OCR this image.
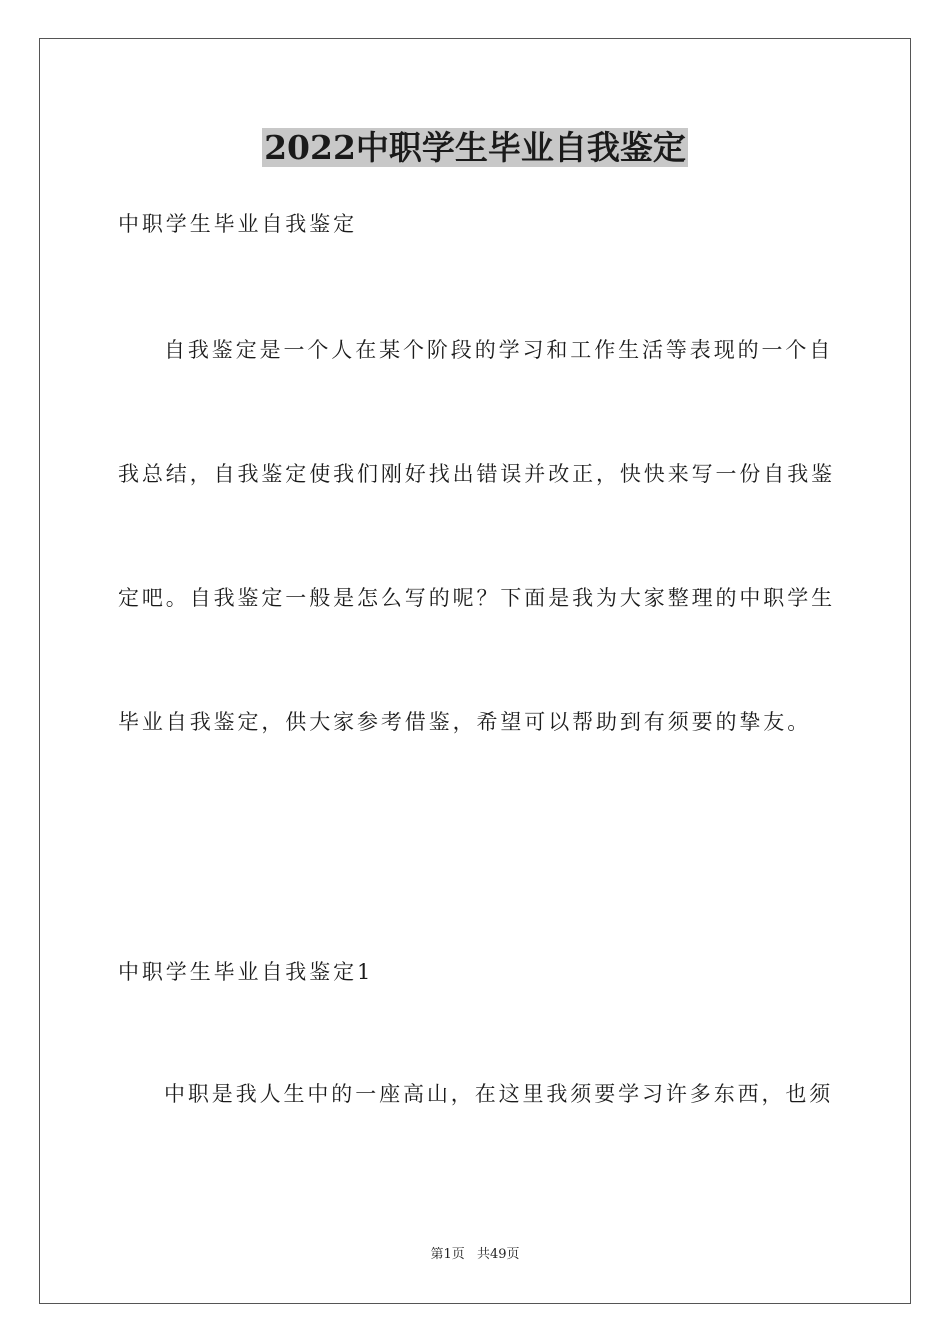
2022中职学生毕业自我鉴定

中职学生毕业自我鉴定

自我鉴定是一个人在某个阶段的学习和工作生活等表现的一个自

我总结，自我鉴定使我们刚好找出错误并改正，快快来写一份自我鉴

定吧。自我鉴定一般是怎么写的呢？下面是我为大家整理的中职学生

毕业自我鉴定，供大家参考借鉴，希望可以帮助到有须要的挚友。

中职学生毕业自我鉴定1

中职是我人生中的一座高山，在这里我须要学习许多东西，也须

第1页 共49页
